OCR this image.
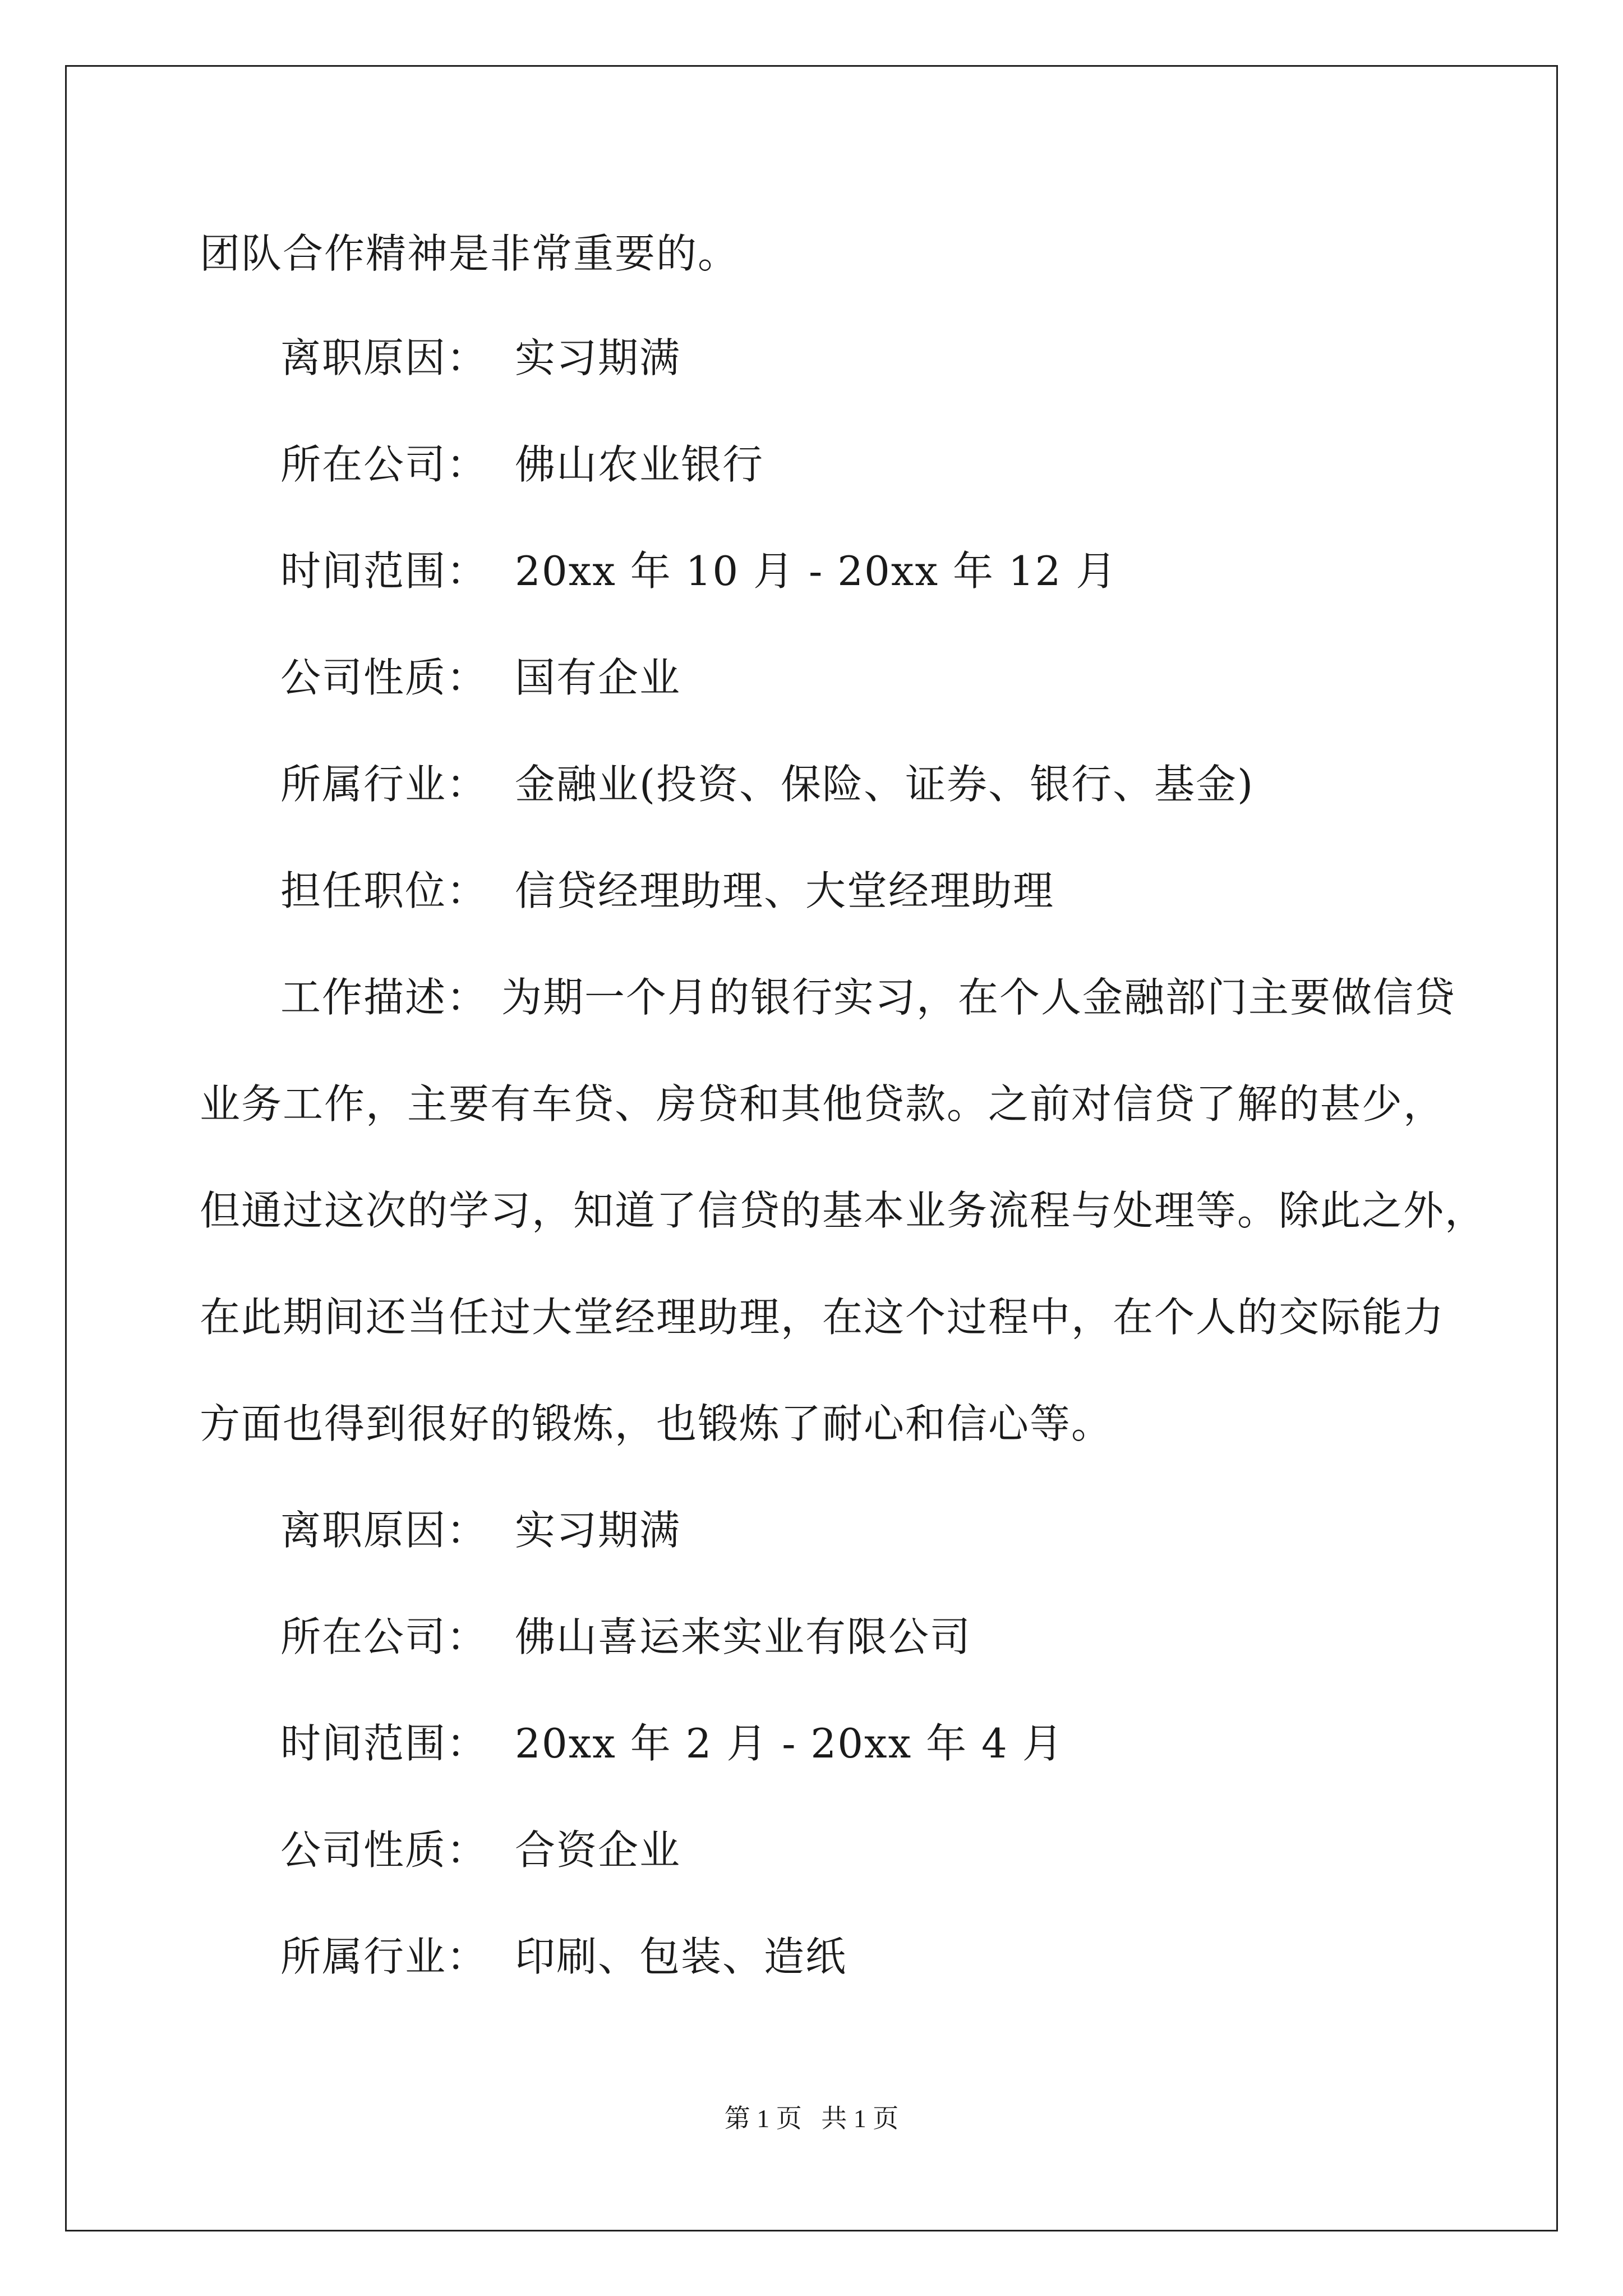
团队合作精神是非常重要的。

离职原因： 实习期满

所在公司： 佛山农业银行

时间范围： 20xx 年 10 月 - 20xx 年 12 月

公司性质： 国有企业

所属行业： 金融业(投资、保险、证券、银行、基金)

担任职位： 信贷经理助理、大堂经理助理

工作描述： 为期一个月的银行实习，在个人金融部门主要做信贷

业务工作，主要有车贷、房贷和其他贷款。之前对信贷了解的甚少，

但通过这次的学习，知道了信贷的基本业务流程与处理等。除此之外，

在此期间还当任过大堂经理助理，在这个过程中，在个人的交际能力

方面也得到很好的锻炼，也锻炼了耐心和信心等。

离职原因： 实习期满

所在公司： 佛山喜运来实业有限公司

时间范围： 20xx 年 2 月 - 20xx 年 4 月

公司性质： 合资企业

所属行业： 印刷、包装、造纸

第 1 页   共 1 页
